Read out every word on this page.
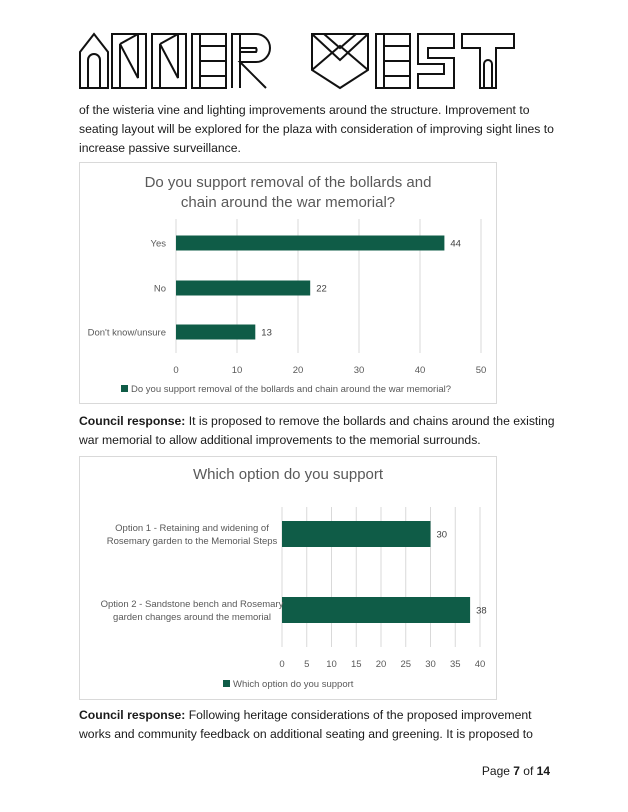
of the wisteria vine and lighting improvements around the structure. Improvement to seating layout will be explored for the plaza with consideration of improving sight lines to increase passive surveillance.

Do you support removal of the bollards and
chain around the war memorial?
0	10	20	30	40	50
44
Yes
22
No
13
Don't know/unsure
Do you support removal of the bollards and chain around the war memorial?

Council response: It is proposed to remove the bollards and chains around the existing war memorial to allow additional improvements to the memorial surrounds.

Which option do you support
0 5 10 15 20 25 30 35 40
30
Option 1 - Retaining and widening of
Rosemary garden to the Memorial Steps
38
Option 2 - Sandstone bench and Rosemary
garden changes around the memorial
Which option do you support

Council response: Following heritage considerations of the proposed improvement works and community feedback on additional seating and greening. It is proposed to

Page 7 of 14
